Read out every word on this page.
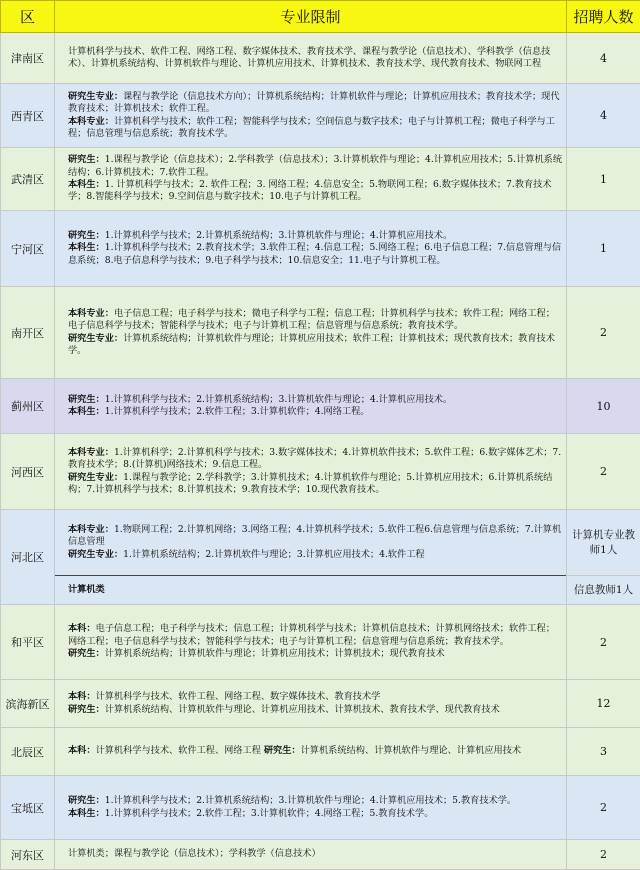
区	专业限制	招聘人数
津南区	计算机科学与技术、软件工程、网络工程、数字媒体技术、教育技术学、课程与教学论（信息技术）、学科教学（信息技术）、计算机系统结构、计算机软件与理论、计算机应用技术、计算机技术、教育技术学、现代教育技术、物联网工程	4
西青区	研究生专业：课程与教学论（信息技术方向）；计算机系统结构；计算机软件与理论；计算机应用技术；教育技术学；现代教育技术；计算机技术；软件工程。

本科专业：计算机科学与技术；软件工程；智能科学与技术；空间信息与数字技术；电子与计算机工程；微电子科学与工程；信息管理与信息系统；教育技术学。	4
武清区	研究生：1.课程与教学论（信息技术）；2.学科教学（信息技术）；3.计算机软件与理论；4.计算机应用技术；5.计算机系统结构；6.计算机技术；7.软件工程。

本科生：1. 计算机科学与技术；2. 软件工程；3. 网络工程；4.信息安全；5.物联网工程；6.数字媒体技术；7.教育技术学；8.智能科学与技术；9.空间信息与数字技术；10.电子与计算机工程。	1
宁河区	研究生：1.计算机科学与技术；2.计算机系统结构；3.计算机软件与理论；4.计算机应用技术。

本科生：1.计算机科学与技术；2.教育技术学；3.软件工程；4.信息工程；5.网络工程；6.电子信息工程；7.信息管理与信息系统；8.电子信息科学与技术；9.电子科学与技术；10.信息安全；11.电子与计算机工程。	1
南开区	本科专业：电子信息工程；电子科学与技术；微电子科学与工程；信息工程；计算机科学与技术；软件工程；网络工程；电子信息科学与技术；智能科学与技术；电子与计算机工程；信息管理与信息系统；教育技术学。

研究生专业：计算机系统结构；计算机软件与理论；计算机应用技术；软件工程；计算机技术；现代教育技术；教育技术学。	2
蓟州区	研究生：1.计算机科学与技术；2.计算机系统结构；3.计算机软件与理论；4.计算机应用技术。

本科生：1.计算机科学与技术；2.软件工程；3.计算机软件；4.网络工程。	10
河西区	本科专业：1.计算机科学；2.计算机科学与技术；3.数字媒体技术；4.计算机软件技术；5.软件工程；6.数字媒体艺术；7.教育技术学；8.(计算机)网络技术；9.信息工程。

研究生专业：1.课程与教学论；2.学科教学；3.计算机技术；4.计算机软件与理论；5.计算机应用技术；6.计算机系统结构；7.计算机科学与技术；8.计算机技术；9.教育技术学；10.现代教育技术。	2
河北区	本科专业：1.物联网工程；2.计算机网络；3.网络工程；4.计算机科学技术；5.软件工程6.信息管理与信息系统；7.计算机信息管理

研究生专业：1.计算机系统结构；2.计算机软件与理论；3.计算机应用技术；4.软件工程	计算机专业教师1人
	计算机类	信息教师1人
和平区	本科：电子信息工程；电子科学与技术；信息工程；计算机科学与技术；计算机信息技术；计算机网络技术；软件工程；网络工程；电子信息科学与技术；智能科学与技术；电子与计算机工程；信息管理与信息系统；教育技术学。

研究生：计算机系统结构；计算机软件与理论；计算机应用技术；计算机技术；现代教育技术	2
滨海新区	本科：计算机科学与技术、软件工程、网络工程、数字媒体技术、教育技术学

研究生：计算机系统结构、计算机软件与理论、计算机应用技术、计算机技术、教育技术学、现代教育技术	12
北辰区	本科：计算机科学与技术、软件工程、网络工程 研究生：计算机系统结构、计算机软件与理论、计算机应用技术	3
宝坻区	研究生：1.计算机科学与技术；2.计算机系统结构；3.计算机软件与理论；4.计算机应用技术；5.教育技术学。

本科生：1.计算机科学与技术；2.软件工程；3.计算机软件；4.网络工程；5.教育技术学。	2
河东区	计算机类；课程与教学论（信息技术）；学科教学（信息技术）	2
